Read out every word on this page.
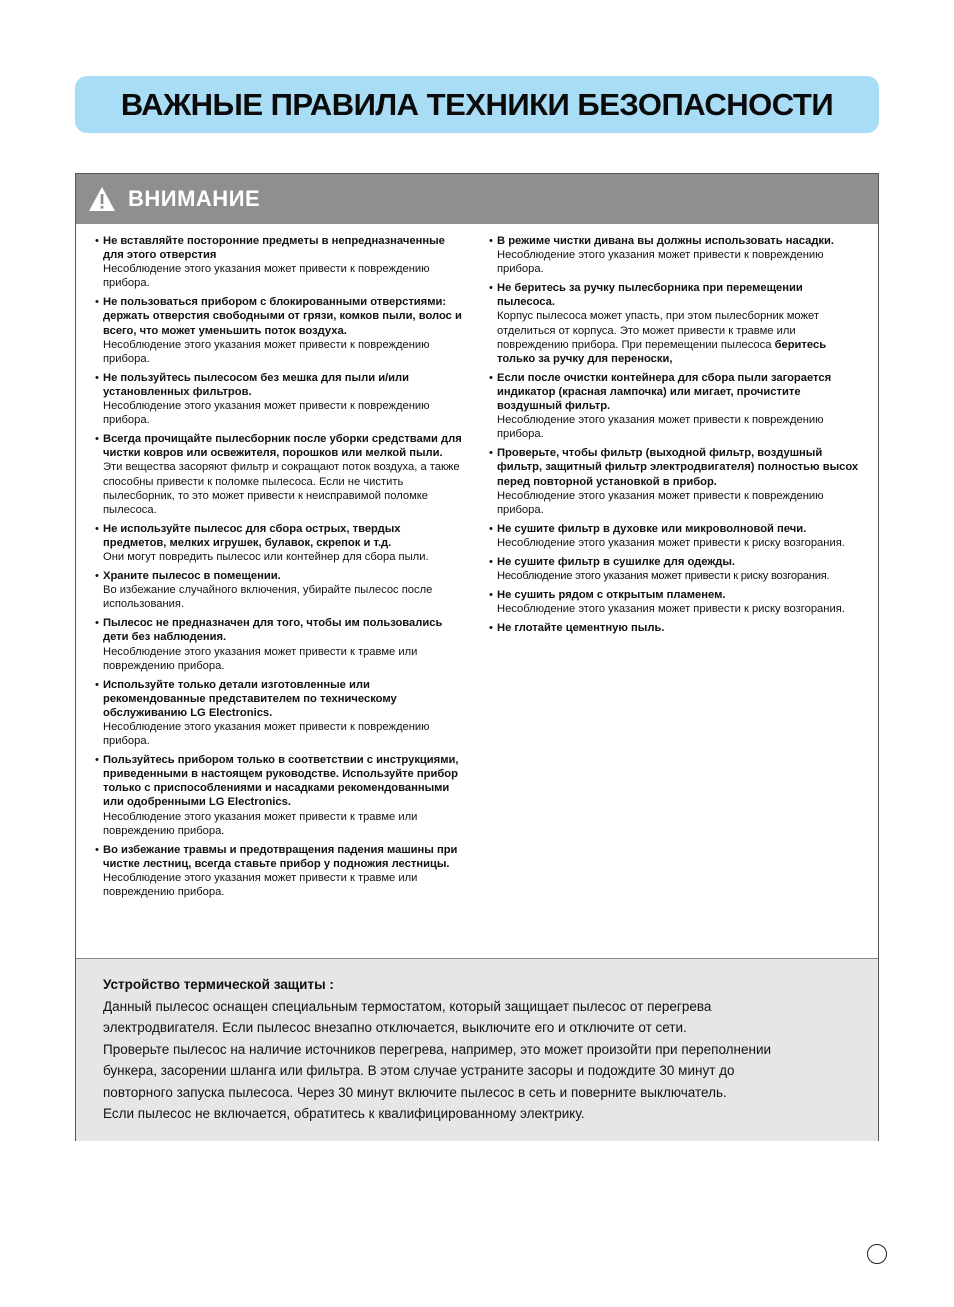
ВАЖНЫЕ ПРАВИЛА ТЕХНИКИ БЕЗОПАСНОСТИ
ВНИМАНИЕ
• Не вставляйте посторонние предметы в непредназначенные для этого отверстия
Несоблюдение этого указания может привести к повреждению прибора.
• Не пользоваться прибором с блокированными отверстиями: держать отверстия свободными от грязи, комков пыли, волос и всего, что может уменьшить поток воздуха.
Несоблюдение этого указания может привести к повреждению прибора.
• Не пользуйтесь пылесосом без мешка для пыли и/или установленных фильтров.
Несоблюдение этого указания может привести к повреждению прибора.
• Всегда прочищайте пылесборник после уборки средствами для чистки ковров или освежителя, порошков или мелкой пыли.
Эти вещества засоряют фильтр и сокращают поток воздуха, а также способны привести к поломке пылесоса. Если не чистить пылесборник, то это может привести к неисправимой поломке пылесоса.
• Не используйте пылесос для сбора острых, твердых предметов, мелких игрушек, булавок, скрепок и т.д.
Они могут повредить пылесос или контейнер для сбора пыли.
• Храните пылесос в помещении.
Во избежание случайного включения, убирайте пылесос после использования.
• Пылесос не предназначен для того, чтобы им пользовались дети без наблюдения.
Несоблюдение этого указания может привести к травме или повреждению прибора.
• Используйте только детали изготовленные или рекомендованные представителем по техническому обслуживанию LG Electronics.
Несоблюдение этого указания может привести к повреждению прибора.
• Пользуйтесь прибором только в соответствии с инструкциями, приведенными в настоящем руководстве. Используйте прибор только с приспособлениями и насадками рекомендованными или одобренными LG Electronics.
Несоблюдение этого указания может привести к травме или повреждению прибора.
• Во избежание травмы и предотвращения падения машины при чистке лестниц, всегда ставьте прибор у подножия лестницы.
Несоблюдение этого указания может привести к травме или повреждению прибора.
• В режиме чистки дивана вы должны использовать насадки.
Несоблюдение этого указания может привести к повреждению прибора.
• Не беритесь за ручку пылесборника при перемещении пылесоса.
Корпус пылесоса может упасть, при этом пылесборник может отделиться от корпуса. Это может привести к травме или повреждению прибора. При перемещении пылесоса беритесь только за ручку для переноски,
• Если после очистки контейнера для сбора пыли загорается индикатор (красная лампочка) или мигает, прочистите воздушный фильтр.
Несоблюдение этого указания может привести к повреждению прибора.
• Проверьте, чтобы фильтр (выходной фильтр, воздушный фильтр, защитный фильтр электродвигателя) полностью высох перед повторной установкой в прибор.
Несоблюдение этого указания может привести к повреждению прибора.
• Не сушите фильтр в духовке или микроволновой печи.
Несоблюдение этого указания может привести к риску возгорания.
• Не сушите фильтр в сушилке для одежды.
Несоблюдение этого указания может привести к риску возгорания.
• Не сушить рядом с открытым пламенем.
Несоблюдение этого указания может привести к риску возгорания.
• Не глотайте цементную пыль.
Устройство термической защиты :
Данный пылесос оснащен специальным термостатом, который защищает пылесос от перегрева
электродвигателя. Если пылесос внезапно отключается, выключите его и отключите от сети.
Проверьте пылесос на наличие источников перегрева, например, это может произойти при переполнении
бункера, засорении шланга или фильтра. В этом случае устраните засоры и подождите 30 минут до
повторного запуска пылесоса. Через 30 минут включите пылесос в сеть и поверните выключатель.
Если пылесос не включается, обратитесь к квалифицированному электрику.
